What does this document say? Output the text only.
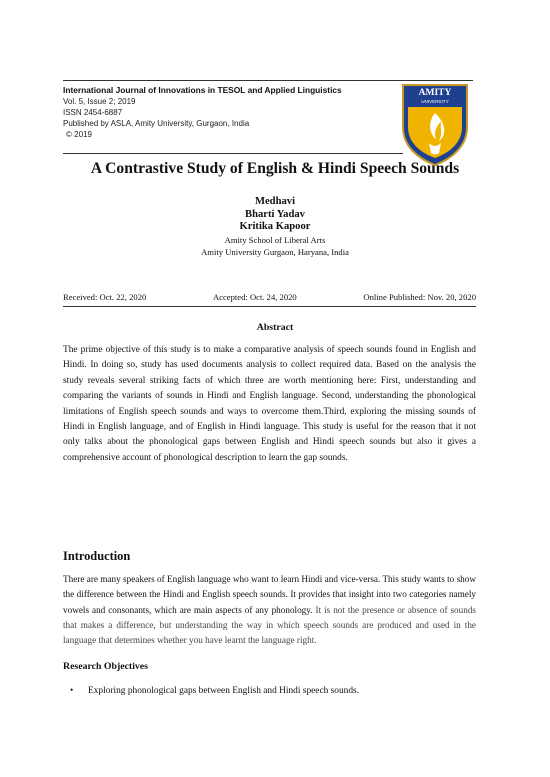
International Journal of Innovations in TESOL and Applied Linguistics
Vol. 5, Issue 2; 2019
ISSN 2454-6887
Published by ASLA, Amity University, Gurgaon, India
© 2019
AMITY
UNIVERSITY
A Contrastive Study of English & Hindi Speech Sounds
Medhavi
Bharti Yadav
Kritika Kapoor
Amity School of Liberal Arts
Amity University Gurgaon, Haryana, India
Received: Oct. 22, 2020	Accepted: Oct. 24, 2020	Online Published: Nov. 20, 2020
Abstract
The prime objective of this study is to make a comparative analysis of speech sounds found in English and Hindi. In doing so, study has used documents analysis to collect required data. Based on the analysis the study reveals several striking facts of which three are worth mentioning here: First, understanding and comparing the variants of sounds in Hindi and English language. Second, understanding the phonological limitations of English speech sounds and ways to overcome them.Third, exploring the missing sounds of Hindi in English language, and of English in Hindi language. This study is useful for the reason that it not only talks about the phonological gaps between English and Hindi speech sounds but also it gives a comprehensive account of phonological description to learn the gap sounds.
Introduction
There are many speakers of English language who want to learn Hindi and vice-versa. This study wants to show the difference between the Hindi and English speech sounds. It provides that insight into two categories namely vowels and consonants, which are main aspects of any phonology. It is not the presence or absence of sounds that makes a difference, but understanding the way in which speech sounds are produced and used in the language that determines whether you have learnt the language right.
Research Objectives
• Exploring phonological gaps between English and Hindi speech sounds.
